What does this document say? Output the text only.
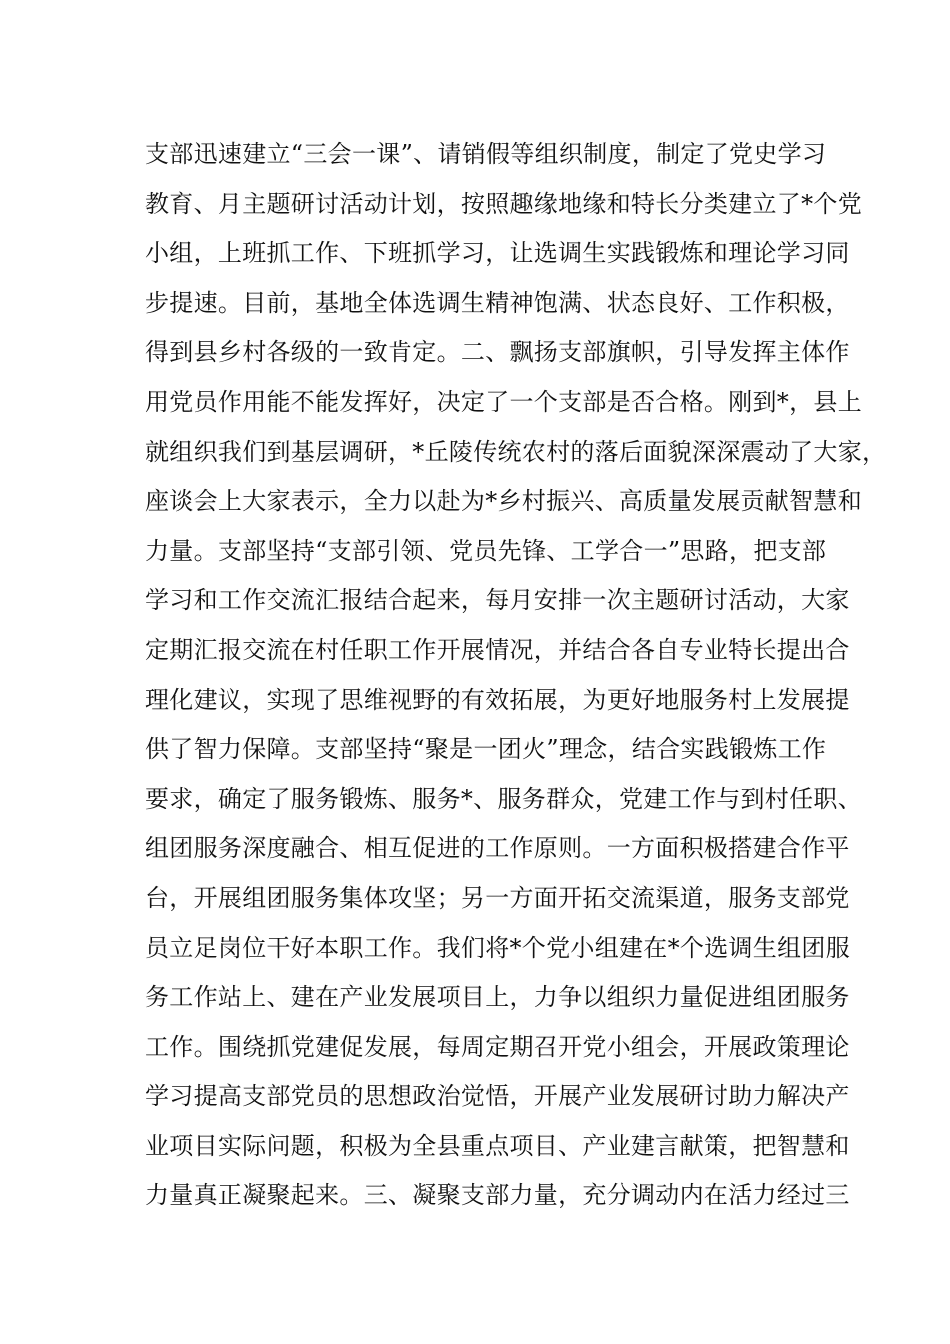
支部迅速建立“三会一课”、请销假等组织制度，制定了党史学习
教育、月主题研讨活动计划，按照趣缘地缘和特长分类建立了*个党
小组，上班抓工作、下班抓学习，让选调生实践锻炼和理论学习同
步提速。目前，基地全体选调生精神饱满、状态良好、工作积极，
得到县乡村各级的一致肯定。二、飘扬支部旗帜，引导发挥主体作
用党员作用能不能发挥好，决定了一个支部是否合格。刚到*，县上
就组织我们到基层调研，*丘陵传统农村的落后面貌深深震动了大家，
座谈会上大家表示，全力以赴为*乡村振兴、高质量发展贡献智慧和
力量。支部坚持“支部引领、党员先锋、工学合一”思路，把支部
学习和工作交流汇报结合起来，每月安排一次主题研讨活动，大家
定期汇报交流在村任职工作开展情况，并结合各自专业特长提出合
理化建议，实现了思维视野的有效拓展，为更好地服务村上发展提
供了智力保障。支部坚持“聚是一团火”理念，结合实践锻炼工作
要求，确定了服务锻炼、服务*、服务群众，党建工作与到村任职、
组团服务深度融合、相互促进的工作原则。一方面积极搭建合作平
台，开展组团服务集体攻坚；另一方面开拓交流渠道，服务支部党
员立足岗位干好本职工作。我们将*个党小组建在*个选调生组团服
务工作站上、建在产业发展项目上，力争以组织力量促进组团服务
工作。围绕抓党建促发展，每周定期召开党小组会，开展政策理论
学习提高支部党员的思想政治觉悟，开展产业发展研讨助力解决产
业项目实际问题，积极为全县重点项目、产业建言献策，把智慧和
力量真正凝聚起来。三、凝聚支部力量，充分调动内在活力经过三
